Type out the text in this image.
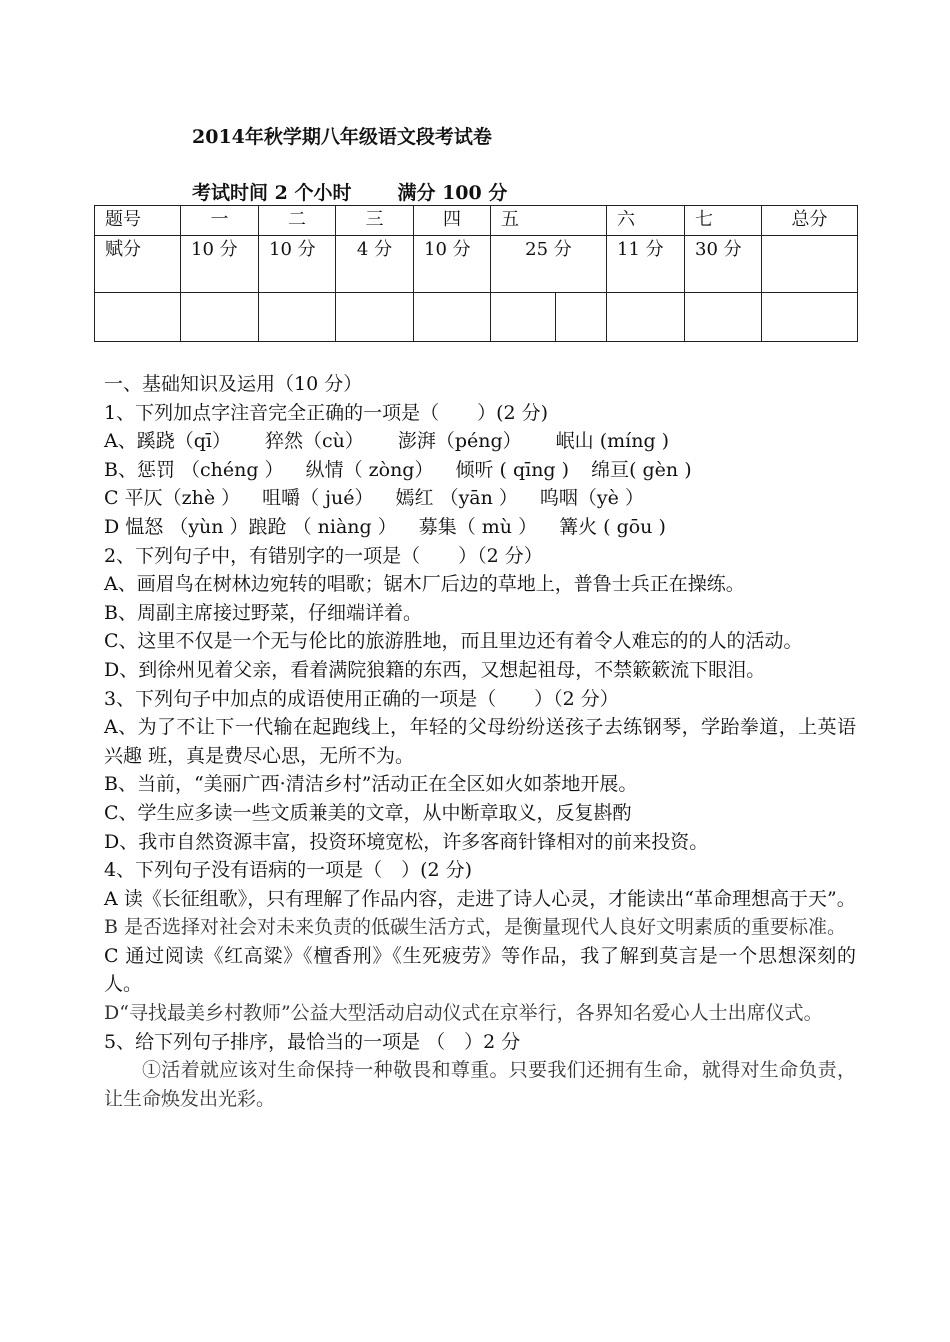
2014年秋学期八年级语文段考试卷
考试时间 2 个小时 满分 100 分
题号	一	二	三	四	五		六	七	总分
赋分	10 分	10 分	4 分	10 分	25 分		11 分	30 分	

一、基础知识及运用（10 分）

1、下列加点字注音完全正确的一项是（　　）(2 分)

A、蹊跷（qī） 猝然（cù） 澎湃（péng） 岷山 (míng )

B、惩罚 （chéng ） 纵情（ zòng） 倾听 ( qīng ) 绵亘( gèn )

C 平仄（zhè ） 咀嚼（ jué） 嫣红 （yān ） 呜咽（yè ）

D 愠怒 （yùn ）踉跄 （ niàng ） 募集（ mù ） 篝火 ( gōu )

2、下列句子中，有错别字的一项是（　　）（2 分）

A、画眉鸟在树林边宛转的唱歌；锯木厂后边的草地上，普鲁士兵正在操练。

B、周副主席接过野菜，仔细端详着。

C、这里不仅是一个无与伦比的旅游胜地，而且里边还有着令人难忘的的人的活动。

D、到徐州见着父亲，看着满院狼籍的东西，又想起祖母，不禁簌簌流下眼泪。

3、下列句子中加点的成语使用正确的一项是（　　）（2 分）

A、为了不让下一代输在起跑线上，年轻的父母纷纷送孩子去练钢琴，学跆拳道，上英语兴趣 班，真是费尽心思，无所不为。

B、当前，“美丽广西·清洁乡村”活动正在全区如火如荼地开展。

C、学生应多读一些文质兼美的文章，从中断章取义，反复斟酌

D、我市自然资源丰富，投资环境宽松，许多客商针锋相对的前来投资。

4、下列句子没有语病的一项是（　）(2 分)

A 读《长征组歌》，只有理解了作品内容，走进了诗人心灵，才能读出“革命理想高于天”。

B 是否选择对社会对未来负责的低碳生活方式，是衡量现代人良好文明素质的重要标准。

C 通过阅读《红高粱》《檀香刑》《生死疲劳》等作品，我了解到莫言是一个思想深刻的人。

D“寻找最美乡村教师”公益大型活动启动仪式在京举行，各界知名爱心人士出席仪式。

5、给下列句子排序，最恰当的一项是 （　）2 分

①活着就应该对生命保持一种敬畏和尊重。只要我们还拥有生命，就得对生命负责，让生命焕发出光彩。
